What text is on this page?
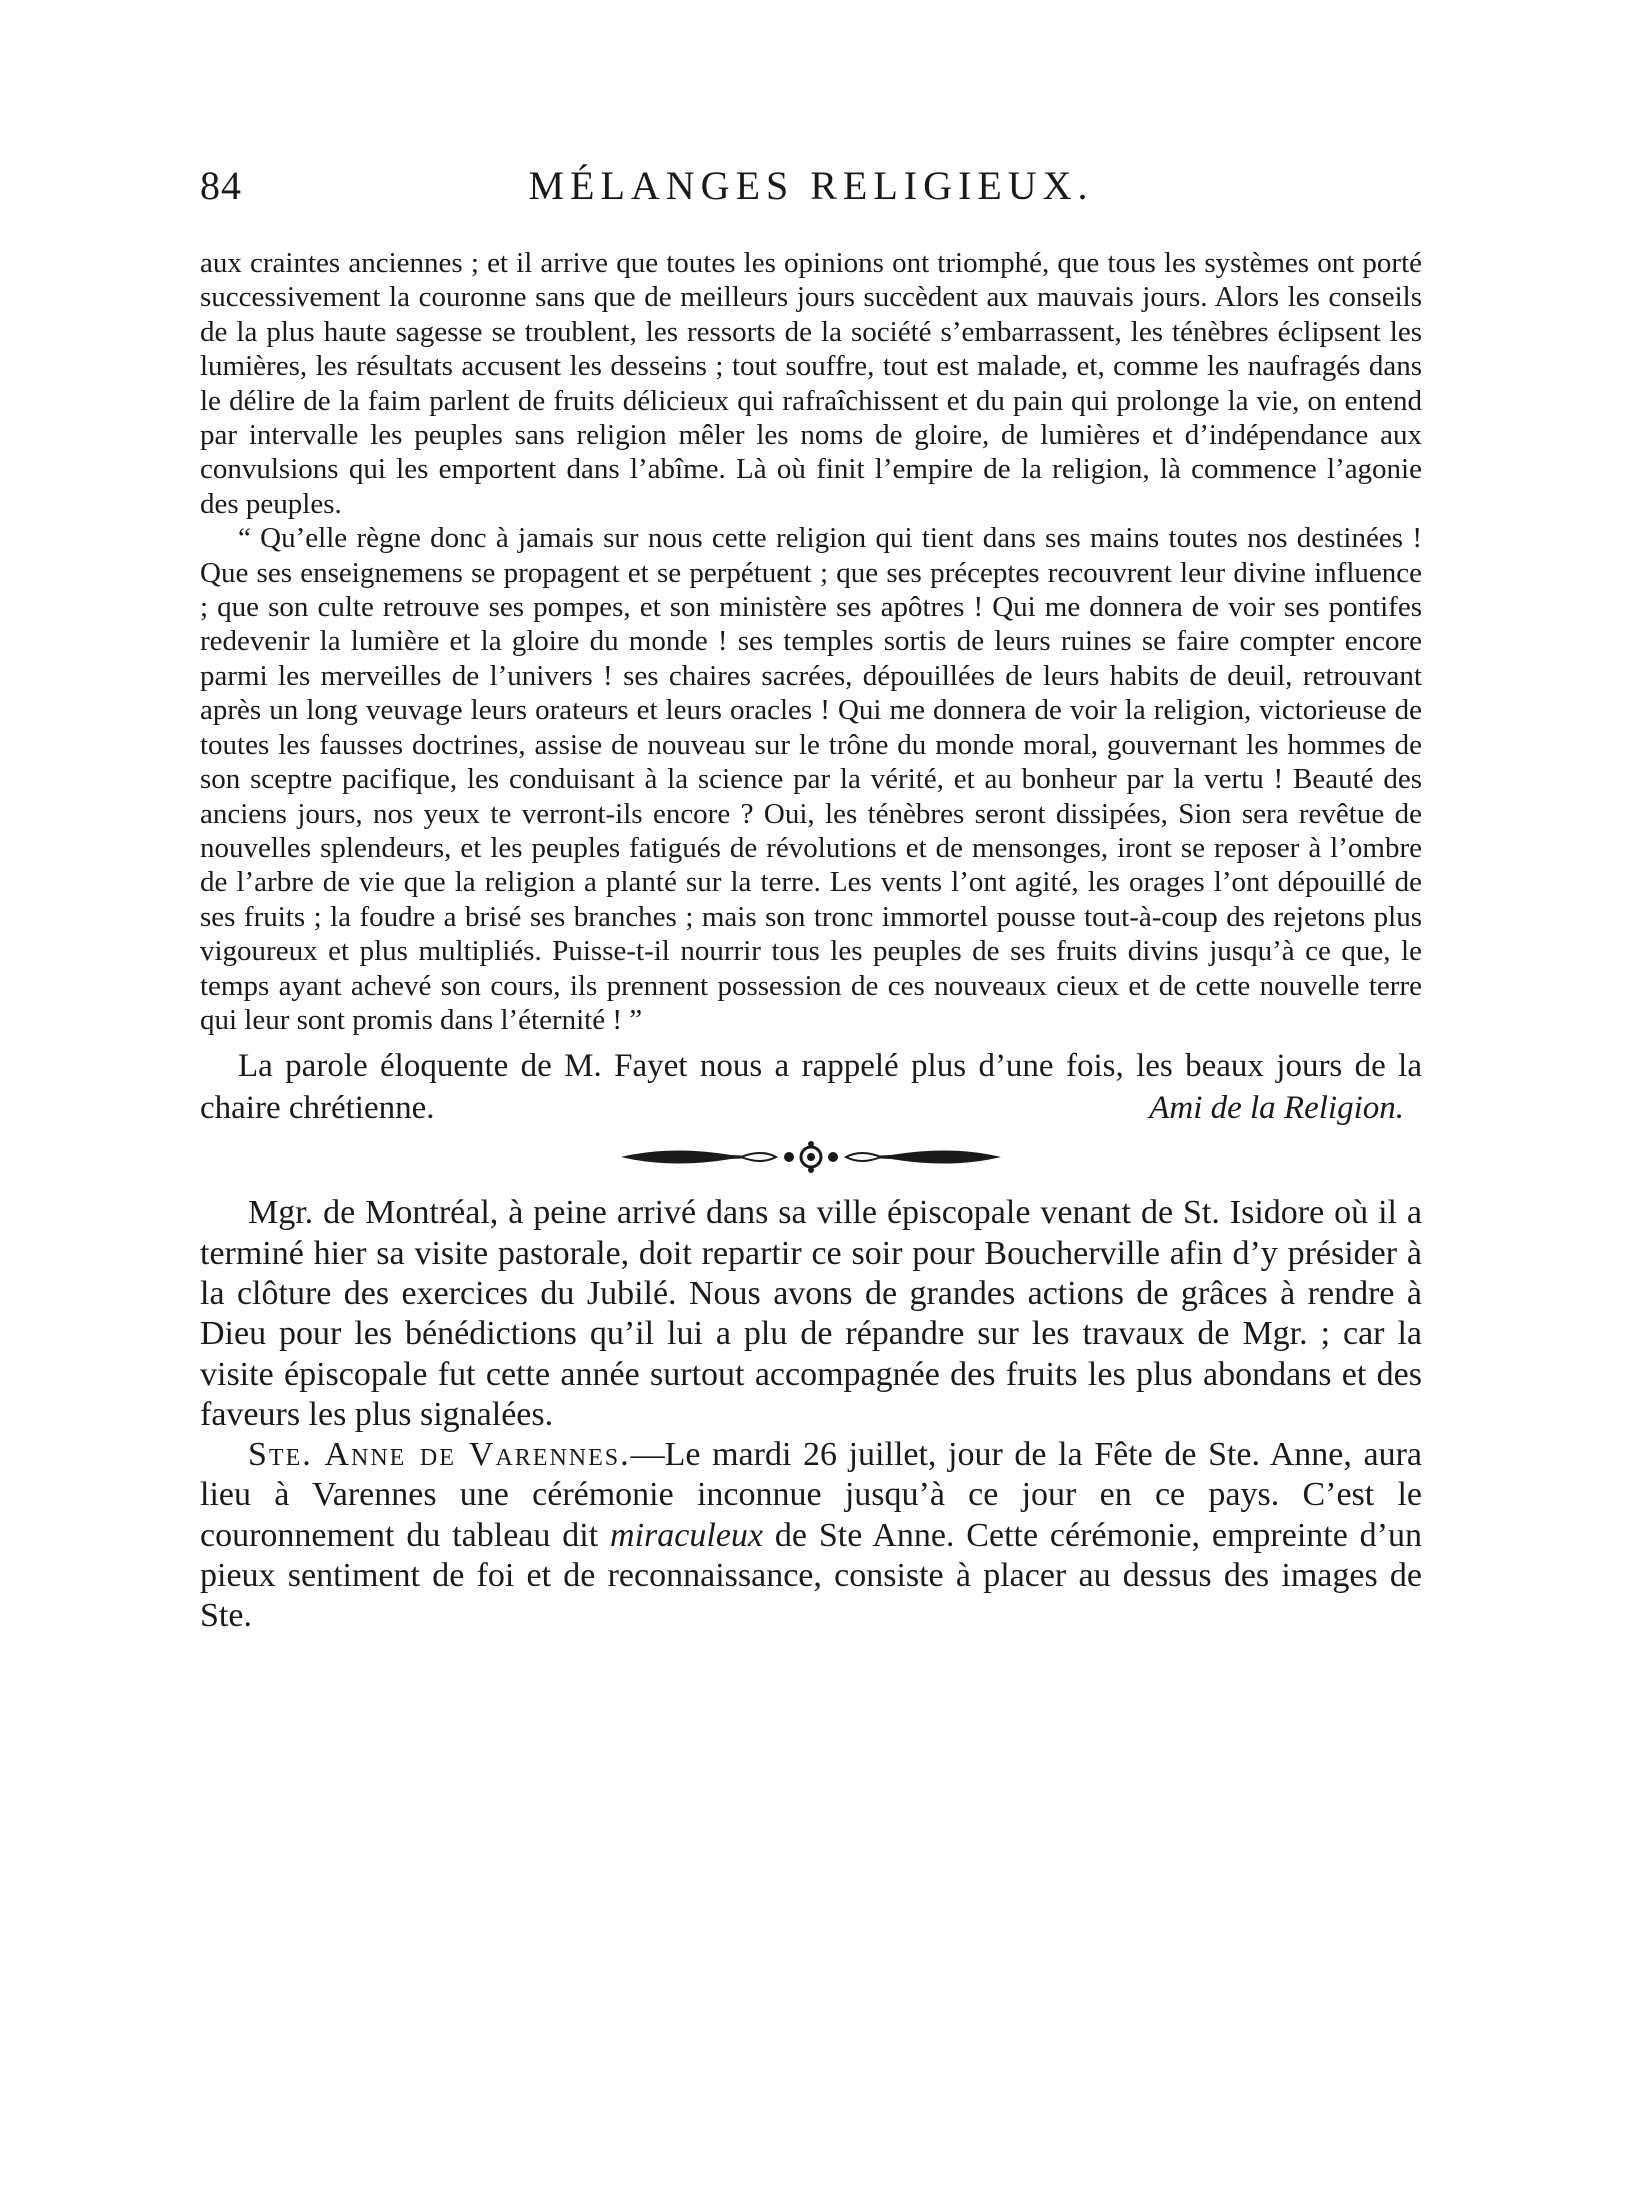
84	MÉLANGES RELIGIEUX.

aux craintes anciennes ; et il arrive que toutes les opinions ont triomphé, que tous les systèmes ont porté successivement la couronne sans que de meilleurs jours succèdent aux mauvais jours. Alors les conseils de la plus haute sagesse se troublent, les ressorts de la société s’embarrassent, les ténèbres éclipsent les lumières, les résultats accusent les desseins ; tout souffre, tout est malade, et, comme les naufragés dans le délire de la faim parlent de fruits délicieux qui rafraîchissent et du pain qui prolonge la vie, on entend par intervalle les peuples sans religion mêler les noms de gloire, de lumières et d’indépendance aux convulsions qui les emportent dans l’abîme. Là où finit l’empire de la religion, là commence l’agonie des peuples.

“ Qu’elle règne donc à jamais sur nous cette religion qui tient dans ses mains toutes nos destinées ! Que ses enseignemens se propagent et se perpétuent ; que ses préceptes recouvrent leur divine influence ; que son culte retrouve ses pompes, et son ministère ses apôtres ! Qui me donnera de voir ses pontifes redevenir la lumière et la gloire du monde ! ses temples sortis de leurs ruines se faire compter encore parmi les merveilles de l’univers ! ses chaires sacrées, dépouillées de leurs habits de deuil, retrouvant après un long veuvage leurs orateurs et leurs oracles ! Qui me donnera de voir la religion, victorieuse de toutes les fausses doctrines, assise de nouveau sur le trône du monde moral, gouvernant les hommes de son sceptre pacifique, les conduisant à la science par la vérité, et au bonheur par la vertu ! Beauté des anciens jours, nos yeux te verront-ils encore ? Oui, les ténèbres seront dissipées, Sion sera revêtue de nouvelles splendeurs, et les peuples fatigués de révolutions et de mensonges, iront se reposer à l’ombre de l’arbre de vie que la religion a planté sur la terre. Les vents l’ont agité, les orages l’ont dépouillé de ses fruits ; la foudre a brisé ses branches ; mais son tronc immortel pousse tout-à-coup des rejetons plus vigoureux et plus multipliés. Puisse-t-il nourrir tous les peuples de ses fruits divins jusqu’à ce que, le temps ayant achevé son cours, ils prennent possession de ces nouveaux cieux et de cette nouvelle terre qui leur sont promis dans l’éternité ! ”

La parole éloquente de M. Fayet nous a rappelé plus d’une fois, les beaux jours de la chaire chrétienne.	Ami de la Religion.

Mgr. de Montréal, à peine arrivé dans sa ville épiscopale venant de St. Isidore où il a terminé hier sa visite pastorale, doit repartir ce soir pour Boucherville afin d’y présider à la clôture des exercices du Jubilé. Nous avons de grandes actions de grâces à rendre à Dieu pour les bénédictions qu’il lui a plu de répandre sur les travaux de Mgr. ; car la visite épiscopale fut cette année surtout accompagnée des fruits les plus abondans et des faveurs les plus signalées.

Ste. Anne de Varennes.—Le mardi 26 juillet, jour de la Fête de Ste. Anne, aura lieu à Varennes une cérémonie inconnue jusqu’à ce jour en ce pays. C’est le couronnement du tableau dit miraculeux de Ste Anne. Cette cérémonie, empreinte d’un pieux sentiment de foi et de reconnaissance, consiste à placer au dessus des images de Ste.
